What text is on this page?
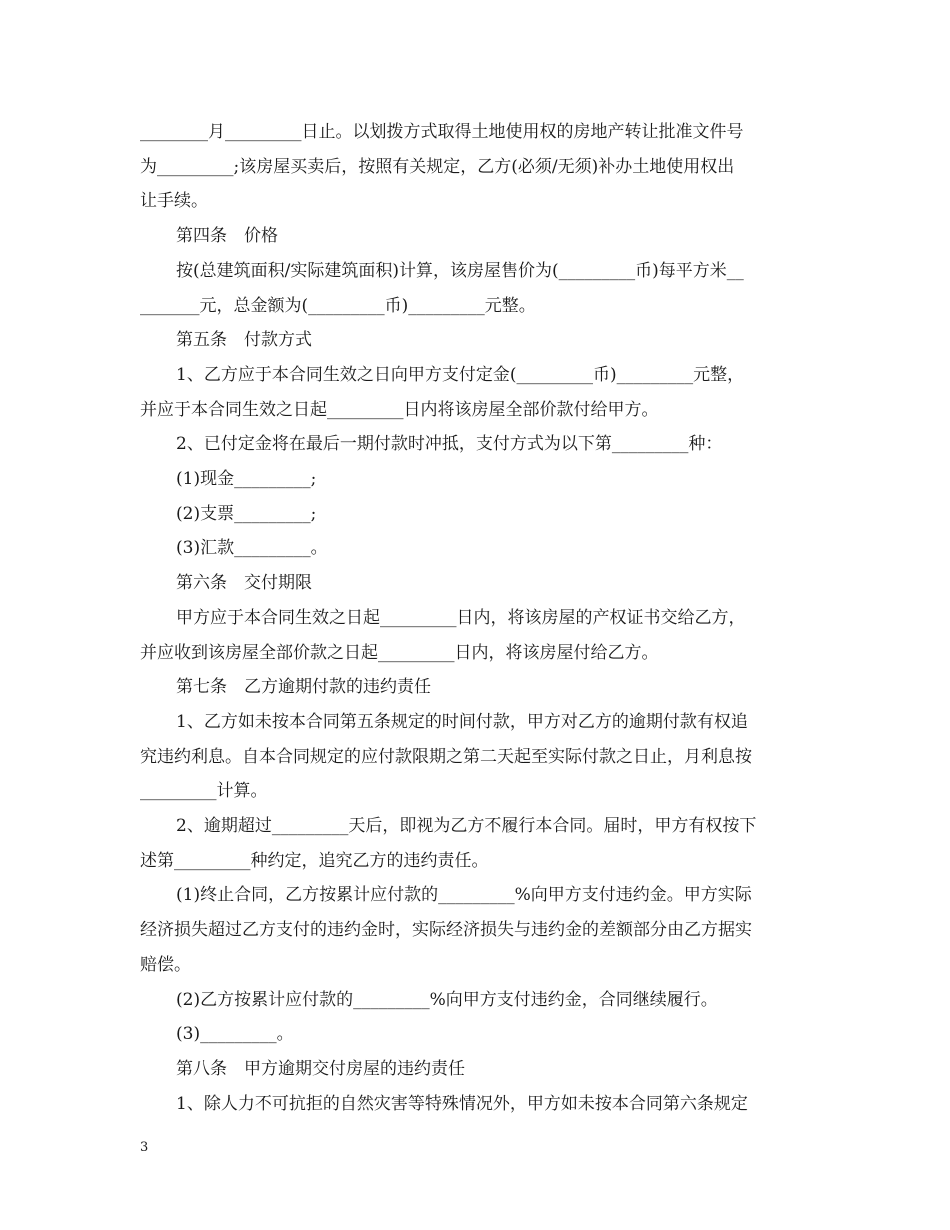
________月_________日止。以划拨方式取得土地使用权的房地产转让批准文件号

为_________;该房屋买卖后，按照有关规定，乙方(必须/无须)补办土地使用权出

让手续。

第四条　价格

按(总建筑面积/实际建筑面积)计算，该房屋售价为(_________币)每平方米__

_______元，总金额为(_________币)_________元整。

第五条　付款方式

1、乙方应于本合同生效之日向甲方支付定金(_________币)_________元整，

并应于本合同生效之日起_________日内将该房屋全部价款付给甲方。

2、已付定金将在最后一期付款时冲抵，支付方式为以下第_________种：

(1)现金_________;

(2)支票_________;

(3)汇款_________。

第六条　交付期限

甲方应于本合同生效之日起_________日内，将该房屋的产权证书交给乙方，

并应收到该房屋全部价款之日起_________日内，将该房屋付给乙方。

第七条　乙方逾期付款的违约责任

1、乙方如未按本合同第五条规定的时间付款，甲方对乙方的逾期付款有权追

究违约利息。自本合同规定的应付款限期之第二天起至实际付款之日止，月利息按

_________计算。

2、逾期超过_________天后，即视为乙方不履行本合同。届时，甲方有权按下

述第_________种约定，追究乙方的违约责任。

(1)终止合同，乙方按累计应付款的_________%向甲方支付违约金。甲方实际

经济损失超过乙方支付的违约金时，实际经济损失与违约金的差额部分由乙方据实

赔偿。

(2)乙方按累计应付款的_________%向甲方支付违约金，合同继续履行。

(3)_________。

第八条　甲方逾期交付房屋的违约责任

1、除人力不可抗拒的自然灾害等特殊情况外，甲方如未按本合同第六条规定

3
